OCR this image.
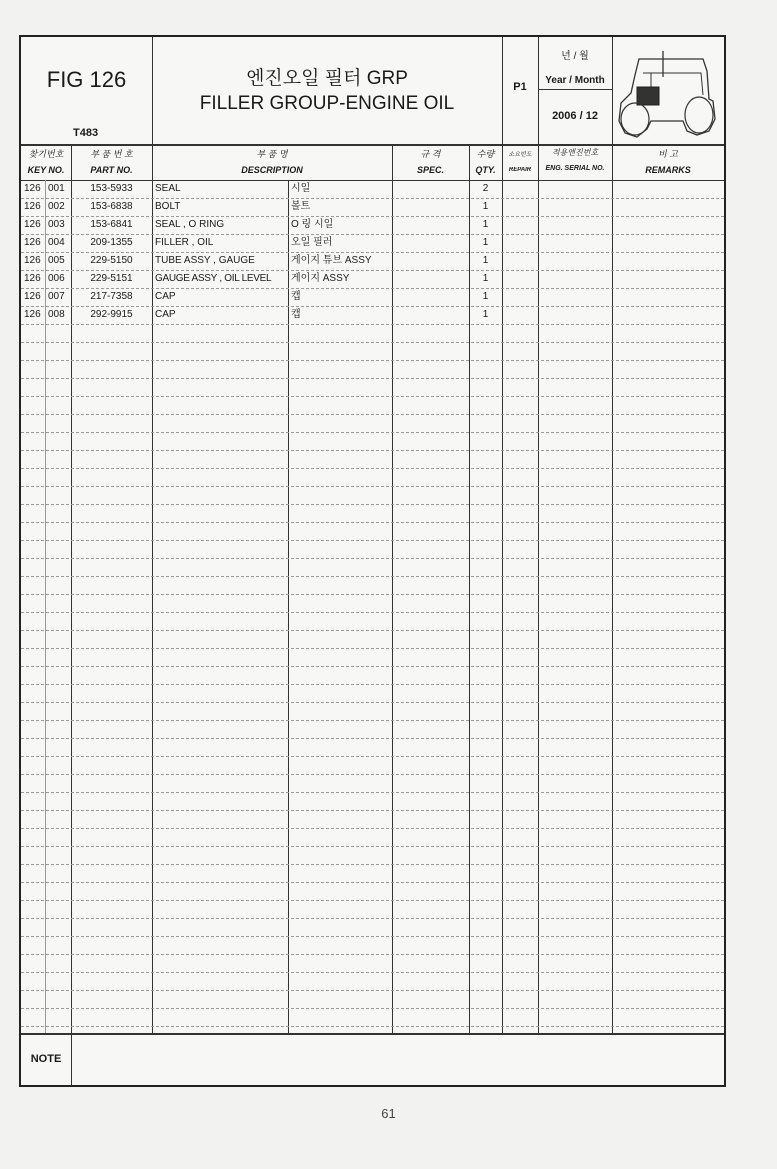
FIG 126
T483
엔진오일 필터 GRP
FILLER GROUP-ENGINE OIL
P1
년 / 월
Year / Month
2006 / 12
찾기번호
KEY NO.
부 품 번 호
PART NO.
부 품 명
DESCRIPTION
규 격
SPEC.
수량
QTY.
소요빈도
REPAIR
적용엔진번호
ENG. SERIAL NO.
비 고
REMARKS
126 001	153-5933	SEAL	시일	2
126 002	153-6838	BOLT	볼트	1
126 003	153-6841	SEAL , O RING	O 링 시일	1
126 004	209-1355	FILLER , OIL	오일 필러	1
126 005	229-5150	TUBE ASSY , GAUGE	게이지 튜브 ASSY	1
126 006	229-5151	GAUGE ASSY , OIL LEVEL	게이지 ASSY	1
126 007	217-7358	CAP	캡	1
126 008	292-9915	CAP	캡	1
NOTE
61
